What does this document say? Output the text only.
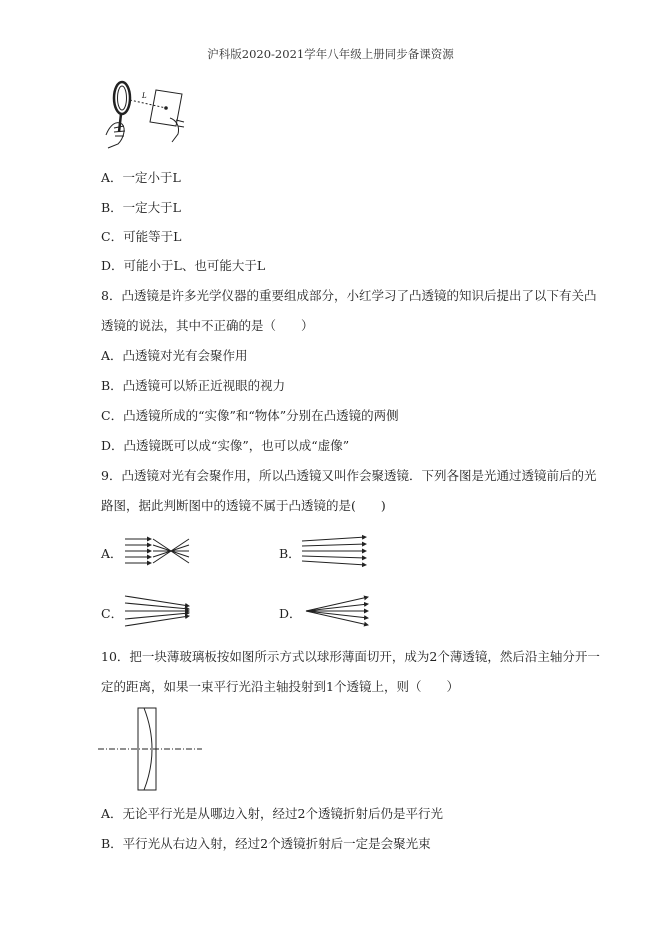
沪科版2020-2021学年八年级上册同步备课资源
L
A．一定小于L
B．一定大于L
C．可能等于L
D．可能小于L、也可能大于L
8．凸透镜是许多光学仪器的重要组成部分，小红学习了凸透镜的知识后提出了以下有关凸
透镜的说法，其中不正确的是（　　）
A．凸透镜对光有会聚作用
B．凸透镜可以矫正近视眼的视力
C．凸透镜所成的“实像”和“物体”分别在凸透镜的两侧
D．凸透镜既可以成“实像”，也可以成“虚像”
9．凸透镜对光有会聚作用，所以凸透镜又叫作会聚透镜．下列各图是光通过透镜前后的光
路图，据此判断图中的透镜不属于凸透镜的是(　　)
A．	B．
C．	D．
10．把一块薄玻璃板按如图所示方式以球形薄面切开，成为2个薄透镜，然后沿主轴分开一
定的距离，如果一束平行光沿主轴投射到1个透镜上，则（　　）
A．无论平行光是从哪边入射，经过2个透镜折射后仍是平行光
B．平行光从右边入射，经过2个透镜折射后一定是会聚光束
